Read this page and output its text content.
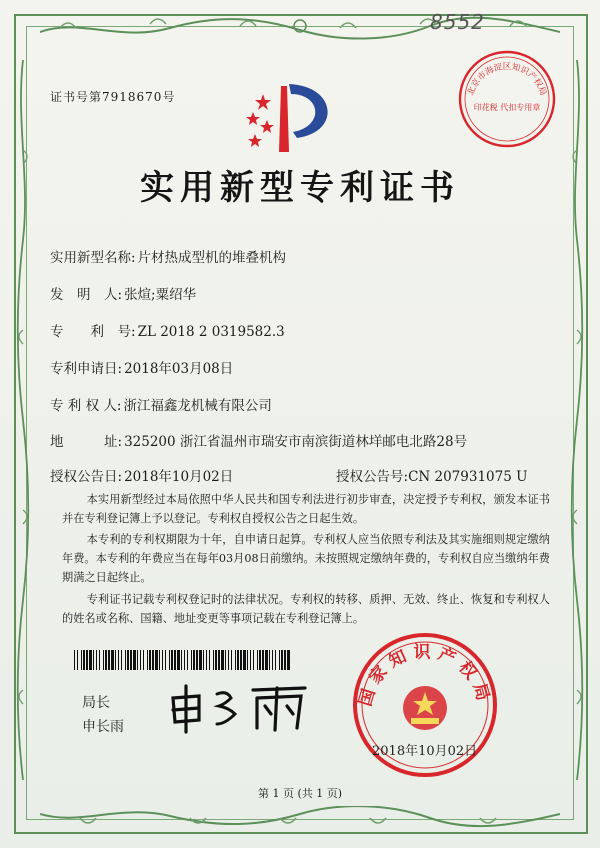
8552
证书号第7918670号	北京市海淀区知识产权局
印花税 代扣专用章
实用新型专利证书
实用新型名称: 片材热成型机的堆叠机构
发　明　人: 张煊;粟绍华
专　　利　号: ZL 2018 2 0319582.3
专利申请日: 2018年03月08日
专 利 权 人: 浙江福鑫龙机械有限公司
地　　　址: 325200 浙江省温州市瑞安市南滨街道林垟邮电北路28号
授权公告日: 2018年10月02日	授权公告号:CN 207931075 U
本实用新型经过本局依照中华人民共和国专利法进行初步审查，决定授予专利权，颁发本证书并在专利登记簿上予以登记。专利权自授权公告之日起生效。
本专利的专利权期限为十年，自申请日起算。专利权人应当依照专利法及其实施细则规定缴纳年费。本专利的年费应当在每年03月08日前缴纳。未按照规定缴纳年费的，专利权自应当缴纳年费期满之日起终止。
专利证书记载专利权登记时的法律状况。专利权的转移、质押、无效、终止、恢复和专利权人的姓名或名称、国籍、地址变更等事项记载在专利登记簿上。
局长
申长雨
国家知识产权局
2018年10月02日
第 1 页 (共 1 页)
